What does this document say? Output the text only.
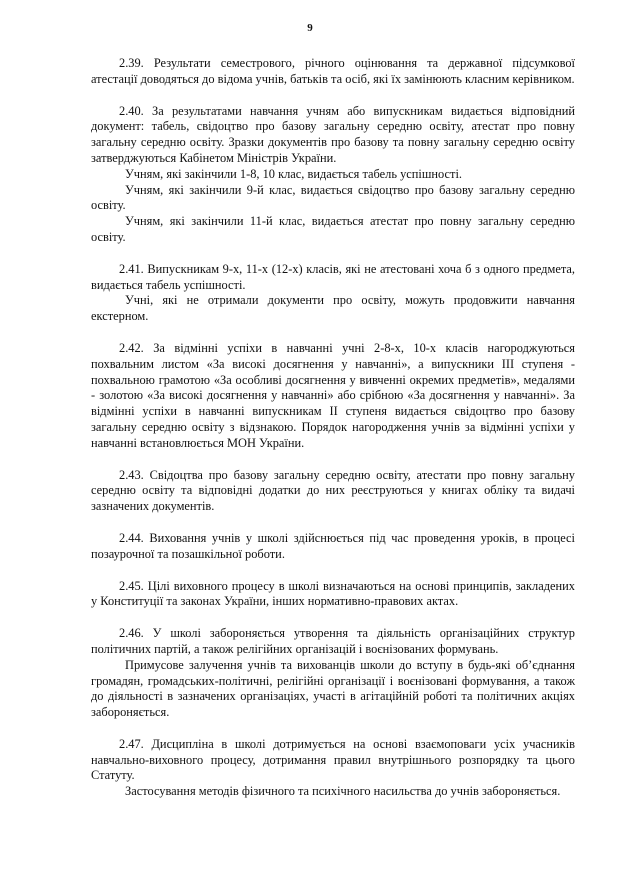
9

2.39. Результати семестрового, річного оцінювання та державної підсумкової атестації доводяться до відома учнів, батьків та осіб, які їх замінюють класним керівником.

2.40. За результатами навчання учням або випускникам видається відповідний документ: табель, свідоцтво про базову загальну середню освіту, атестат про повну загальну середню освіту. Зразки документів про базову та повну загальну середню освіту затверджуються Кабінетом Міністрів України.

Учням, які закінчили 1-8, 10 клас, видається табель успішності.

Учням, які закінчили 9-й клас, видається свідоцтво про базову загальну середню освіту.

Учням, які закінчили 11-й клас, видається атестат про повну загальну середню освіту.

2.41. Випускникам 9-х, 11-х (12-х) класів, які не атестовані хоча б з одного предмета, видається табель успішності.

Учні, які не отримали документи про освіту, можуть продовжити навчання екстерном.

2.42. За відмінні успіхи в навчанні учні 2-8-х, 10-х класів нагороджуються похвальним листом «За високі досягнення у навчанні», а випускники ІІІ ступеня - похвальною грамотою «За особливі досягнення у вивченні окремих предметів», медалями - золотою «За високі досягнення у навчанні» або срібною «За досягнення у навчанні». За відмінні успіхи в навчанні випускникам ІІ ступеня видається свідоцтво про базову загальну середню освіту з відзнакою. Порядок нагородження учнів за відмінні успіхи у навчанні встановлюється МОН України.

2.43. Свідоцтва про базову загальну середню освіту, атестати про повну загальну середню освіту та відповідні додатки до них реєструються у книгах обліку та видачі зазначених документів.

2.44. Виховання учнів у школі здійснюється під час проведення уроків, в процесі позаурочної та позашкільної роботи.

2.45. Цілі виховного процесу в школі визначаються на основі принципів, закладених у Конституції та законах України, інших нормативно-правових актах.

2.46. У школі забороняється утворення та діяльність організаційних структур політичних партій, а також релігійних організацій і воєнізованих формувань.

Примусове залучення учнів та вихованців школи до вступу в будь-які об’єднання громадян, громадських-політичні, релігійні організації і воєнізовані формування, а також до діяльності в зазначених організаціях, участі в агітаційній роботі та політичних акціях забороняється.

2.47. Дисципліна в школі дотримується на основі взаємоповаги усіх учасників навчально-виховного процесу, дотримання правил внутрішнього розпорядку та цього Статуту.

Застосування методів фізичного та психічного насильства до учнів забороняється.
